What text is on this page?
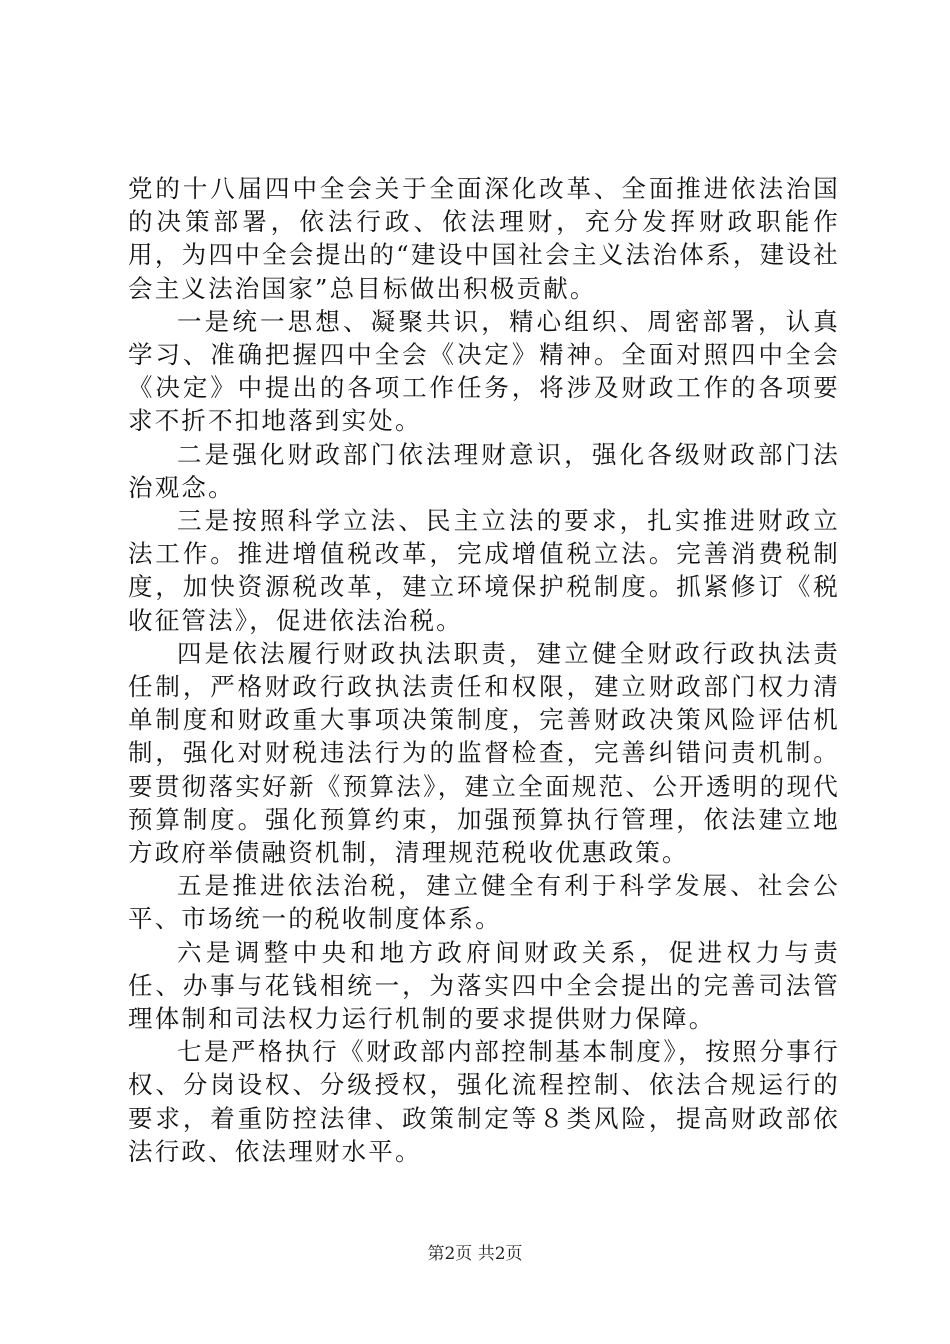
党的十八届四中全会关于全面深化改革、全面推进依法治国的决策部署，依法行政、依法理财，充分发挥财政职能作用，为四中全会提出的“建设中国社会主义法治体系，建设社会主义法治国家”总目标做出积极贡献。

一是统一思想、凝聚共识，精心组织、周密部署，认真学习、准确把握四中全会《决定》精神。全面对照四中全会《决定》中提出的各项工作任务，将涉及财政工作的各项要求不折不扣地落到实处。

二是强化财政部门依法理财意识，强化各级财政部门法治观念。

三是按照科学立法、民主立法的要求，扎实推进财政立法工作。推进增值税改革，完成增值税立法。完善消费税制度，加快资源税改革，建立环境保护税制度。抓紧修订《税收征管法》，促进依法治税。

四是依法履行财政执法职责，建立健全财政行政执法责任制，严格财政行政执法责任和权限，建立财政部门权力清单制度和财政重大事项决策制度，完善财政决策风险评估机制，强化对财税违法行为的监督检查，完善纠错问责机制。要贯彻落实好新《预算法》，建立全面规范、公开透明的现代预算制度。强化预算约束，加强预算执行管理，依法建立地方政府举债融资机制，清理规范税收优惠政策。

五是推进依法治税，建立健全有利于科学发展、社会公平、市场统一的税收制度体系。

六是调整中央和地方政府间财政关系，促进权力与责任、办事与花钱相统一，为落实四中全会提出的完善司法管理体制和司法权力运行机制的要求提供财力保障。

七是严格执行《财政部内部控制基本制度》，按照分事行权、分岗设权、分级授权，强化流程控制、依法合规运行的要求，着重防控法律、政策制定等８类风险，提高财政部依法行政、依法理财水平。

第2页 共2页
